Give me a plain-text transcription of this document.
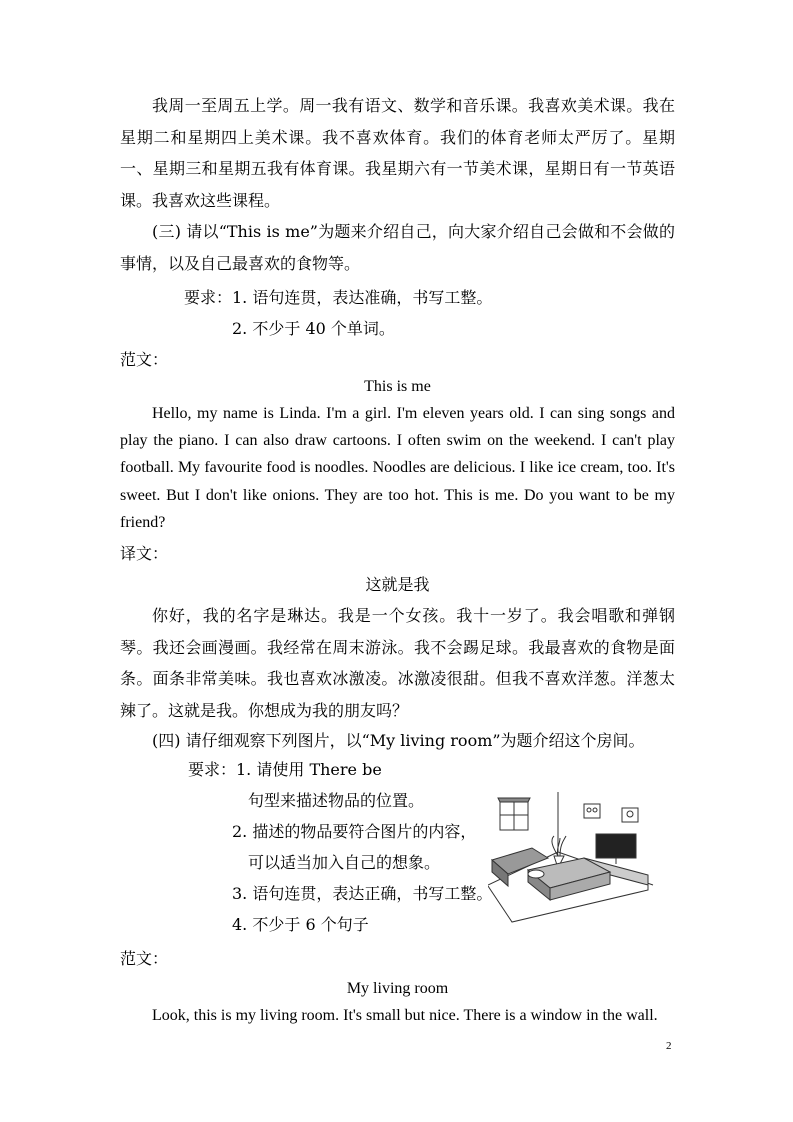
我周一至周五上学。周一我有语文、数学和音乐课。我喜欢美术课。我在星期二和星期四上美术课。我不喜欢体育。我们的体育老师太严厉了。星期一、星期三和星期五我有体育课。我星期六有一节美术课，星期日有一节英语课。我喜欢这些课程。

(三) 请以“This is me”为题来介绍自己，向大家介绍自己会做和不会做的事情，以及自己最喜欢的食物等。

要求：1. 语句连贯，表达准确，书写工整。
2. 不少于 40 个单词。
范文：
This is me

Hello, my name is Linda. I'm a girl. I'm eleven years old. I can sing songs and play the piano. I can also draw cartoons. I often swim on the weekend. I can't play football. My favourite food is noodles. Noodles are delicious. I like ice cream, too. It's sweet. But I don't like onions. They are too hot. This is me. Do you want to be my friend?

译文：
这就是我

你好，我的名字是琳达。我是一个女孩。我十一岁了。我会唱歌和弹钢琴。我还会画漫画。我经常在周末游泳。我不会踢足球。我最喜欢的食物是面条。面条非常美味。我也喜欢冰激凌。冰激凌很甜。但我不喜欢洋葱。洋葱太辣了。这就是我。你想成为我的朋友吗？

(四) 请仔细观察下列图片，以“My living room”为题介绍这个房间。

要求：1. 请使用 There be
句型来描述物品的位置。
2. 描述的物品要符合图片的内容，
可以适当加入自己的想象。
3. 语句连贯，表达正确，书写工整。
4. 不少于 6 个句子
范文：
My living room

Look, this is my living room. It's small but nice. There is a window in the wall.

2
